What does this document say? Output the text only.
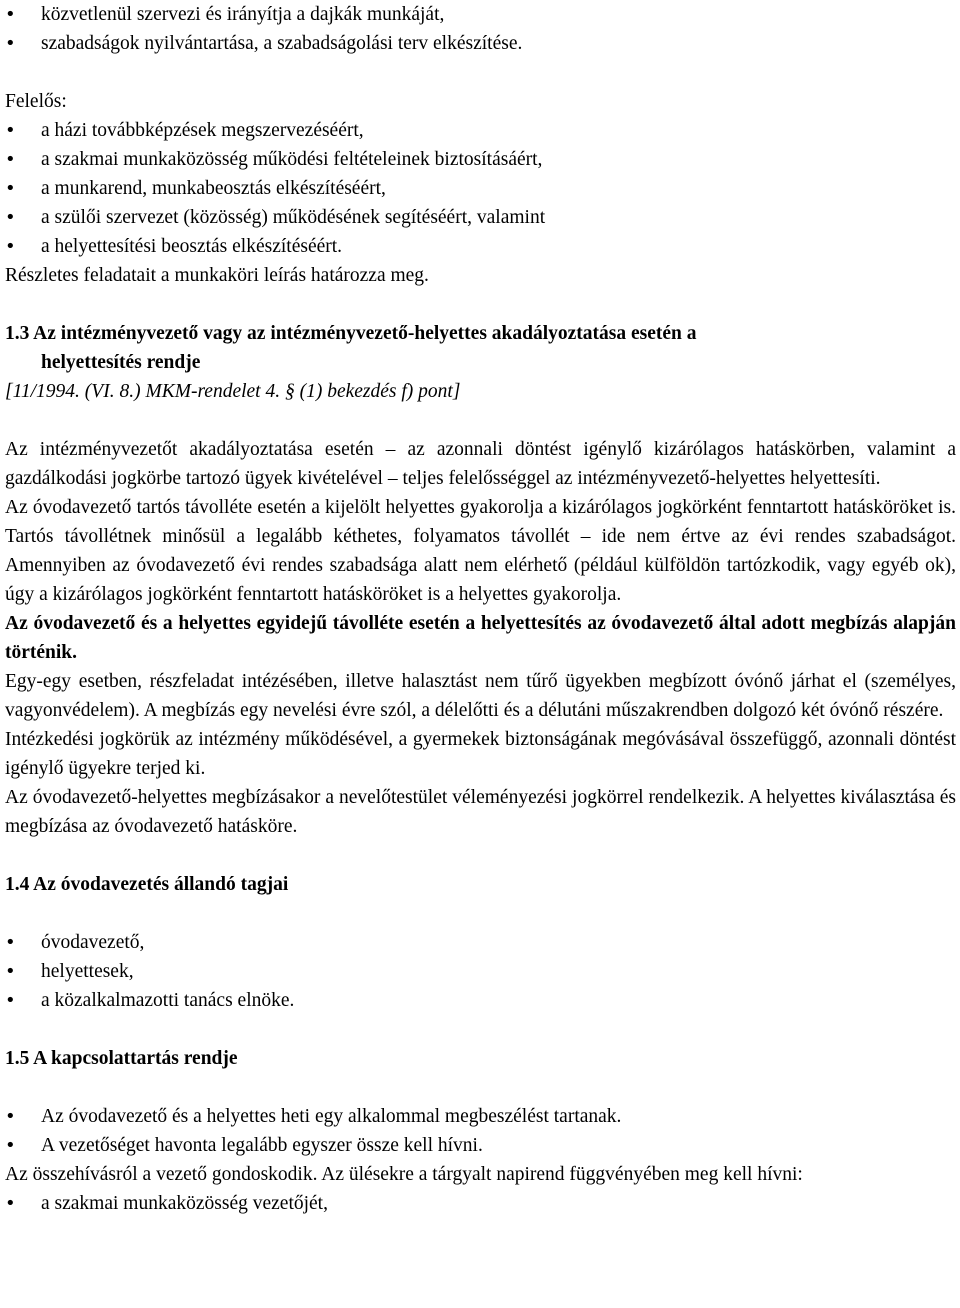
• közvetlenül szervezi és irányítja a dajkák munkáját,
• szabadságok nyilvántartása, a szabadságolási terv elkészítése.

Felelős:

• a házi továbbképzések megszervezéséért,
• a szakmai munkaközösség működési feltételeinek biztosításáért,
• a munkarend, munkabeosztás elkészítéséért,
• a szülői szervezet (közösség) működésének segítéséért, valamint
• a helyettesítési beosztás elkészítéséért.

Részletes feladatait a munkaköri leírás határozza meg.

1.3 Az intézményvezető vagy az intézményvezető-helyettes akadályoztatása esetén a
helyettesítés rendje

[11/1994. (VI. 8.) MKM-rendelet 4. § (1) bekezdés f) pont]

Az intézményvezetőt akadályoztatása esetén – az azonnali döntést igénylő kizárólagos hatáskörben, valamint a gazdálkodási jogkörbe tartozó ügyek kivételével – teljes felelősséggel az intézményvezető-helyettes helyettesíti.

Az óvodavezető tartós távolléte esetén a kijelölt helyettes gyakorolja a kizárólagos jogkörként fenntartott hatásköröket is. Tartós távollétnek minősül a legalább kéthetes, folyamatos távollét – ide nem értve az évi rendes szabadságot. Amennyiben az óvodavezető évi rendes szabadsága alatt nem elérhető (például külföldön tartózkodik, vagy egyéb ok), úgy a kizárólagos jogkörként fenntartott hatásköröket is a helyettes gyakorolja.

Az óvodavezető és a helyettes egyidejű távolléte esetén a helyettesítés az óvodavezető által adott megbízás alapján történik.

Egy-egy esetben, részfeladat intézésében, illetve halasztást nem tűrő ügyekben megbízott óvónő járhat el (személyes, vagyonvédelem). A megbízás egy nevelési évre szól, a délelőtti és a délutáni műszakrendben dolgozó két óvónő részére.

Intézkedési jogkörük az intézmény működésével, a gyermekek biztonságának megóvásával összefüggő, azonnali döntést igénylő ügyekre terjed ki.

Az óvodavezető-helyettes megbízásakor a nevelőtestület véleményezési jogkörrel rendelkezik. A helyettes kiválasztása és megbízása az óvodavezető hatásköre.

1.4 Az óvodavezetés állandó tagjai
• óvodavezető,
• helyettesek,
• a közalkalmazotti tanács elnöke.
1.5 A kapcsolattartás rendje
• Az óvodavezető és a helyettes heti egy alkalommal megbeszélést tartanak.
• A vezetőséget havonta legalább egyszer össze kell hívni.

Az összehívásról a vezető gondoskodik. Az ülésekre a tárgyalt napirend függvényében meg kell hívni:

• a szakmai munkaközösség vezetőjét,
